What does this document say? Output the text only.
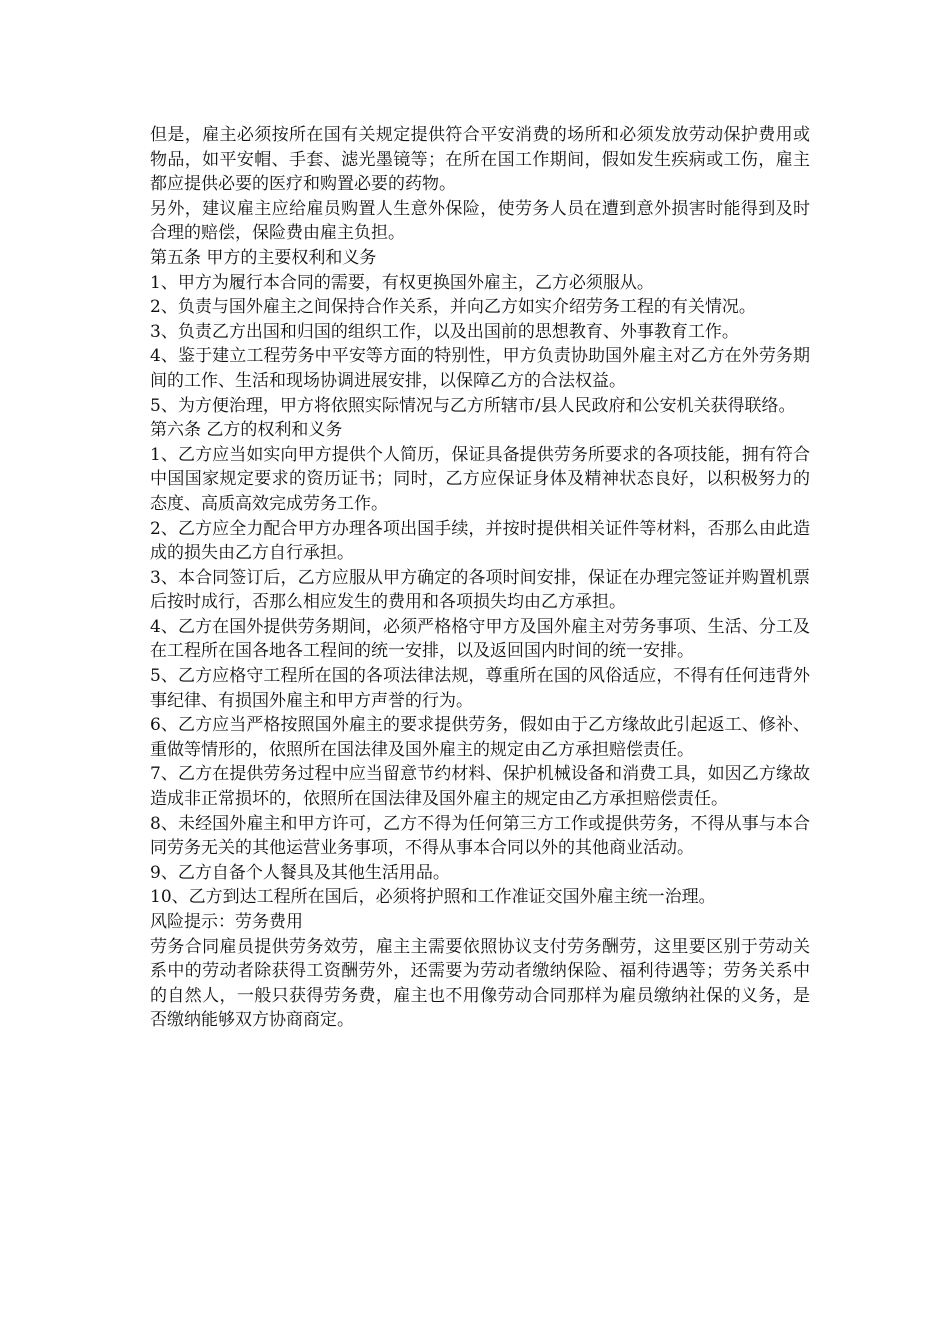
但是，雇主必须按所在国有关规定提供符合平安消费的场所和必须发放劳动保护费用或物品，如平安帽、手套、滤光墨镜等；在所在国工作期间，假如发生疾病或工伤，雇主都应提供必要的医疗和购置必要的药物。

另外，建议雇主应给雇员购置人生意外保险，使劳务人员在遭到意外损害时能得到及时合理的赔偿，保险费由雇主负担。

第五条 甲方的主要权利和义务

1、甲方为履行本合同的需要，有权更换国外雇主，乙方必须服从。

2、负责与国外雇主之间保持合作关系，并向乙方如实介绍劳务工程的有关情况。

3、负责乙方出国和归国的组织工作，以及出国前的思想教育、外事教育工作。

4、鉴于建立工程劳务中平安等方面的特别性，甲方负责协助国外雇主对乙方在外劳务期间的工作、生活和现场协调进展安排，以保障乙方的合法权益。

5、为方便治理，甲方将依照实际情况与乙方所辖市/县人民政府和公安机关获得联络。

第六条 乙方的权利和义务

1、乙方应当如实向甲方提供个人简历，保证具备提供劳务所要求的各项技能，拥有符合中国国家规定要求的资历证书；同时，乙方应保证身体及精神状态良好，以积极努力的态度、高质高效完成劳务工作。

2、乙方应全力配合甲方办理各项出国手续，并按时提供相关证件等材料，否那么由此造成的损失由乙方自行承担。

3、本合同签订后，乙方应服从甲方确定的各项时间安排，保证在办理完签证并购置机票后按时成行，否那么相应发生的费用和各项损失均由乙方承担。

4、乙方在国外提供劳务期间，必须严格格守甲方及国外雇主对劳务事项、生活、分工及在工程所在国各地各工程间的统一安排，以及返回国内时间的统一安排。

5、乙方应格守工程所在国的各项法律法规，尊重所在国的风俗适应，不得有任何违背外事纪律、有损国外雇主和甲方声誉的行为。

6、乙方应当严格按照国外雇主的要求提供劳务，假如由于乙方缘故此引起返工、修补、重做等情形的，依照所在国法律及国外雇主的规定由乙方承担赔偿责任。

7、乙方在提供劳务过程中应当留意节约材料、保护机械设备和消费工具，如因乙方缘故造成非正常损坏的，依照所在国法律及国外雇主的规定由乙方承担赔偿责任。

8、未经国外雇主和甲方许可，乙方不得为任何第三方工作或提供劳务，不得从事与本合同劳务无关的其他运营业务事项，不得从事本合同以外的其他商业活动。

9、乙方自备个人餐具及其他生活用品。

10、乙方到达工程所在国后，必须将护照和工作准证交国外雇主统一治理。

风险提示：劳务费用

劳务合同雇员提供劳务效劳，雇主主需要依照协议支付劳务酬劳，这里要区别于劳动关系中的劳动者除获得工资酬劳外，还需要为劳动者缴纳保险、福利待遇等；劳务关系中的自然人，一般只获得劳务费，雇主也不用像劳动合同那样为雇员缴纳社保的义务，是否缴纳能够双方协商商定。
